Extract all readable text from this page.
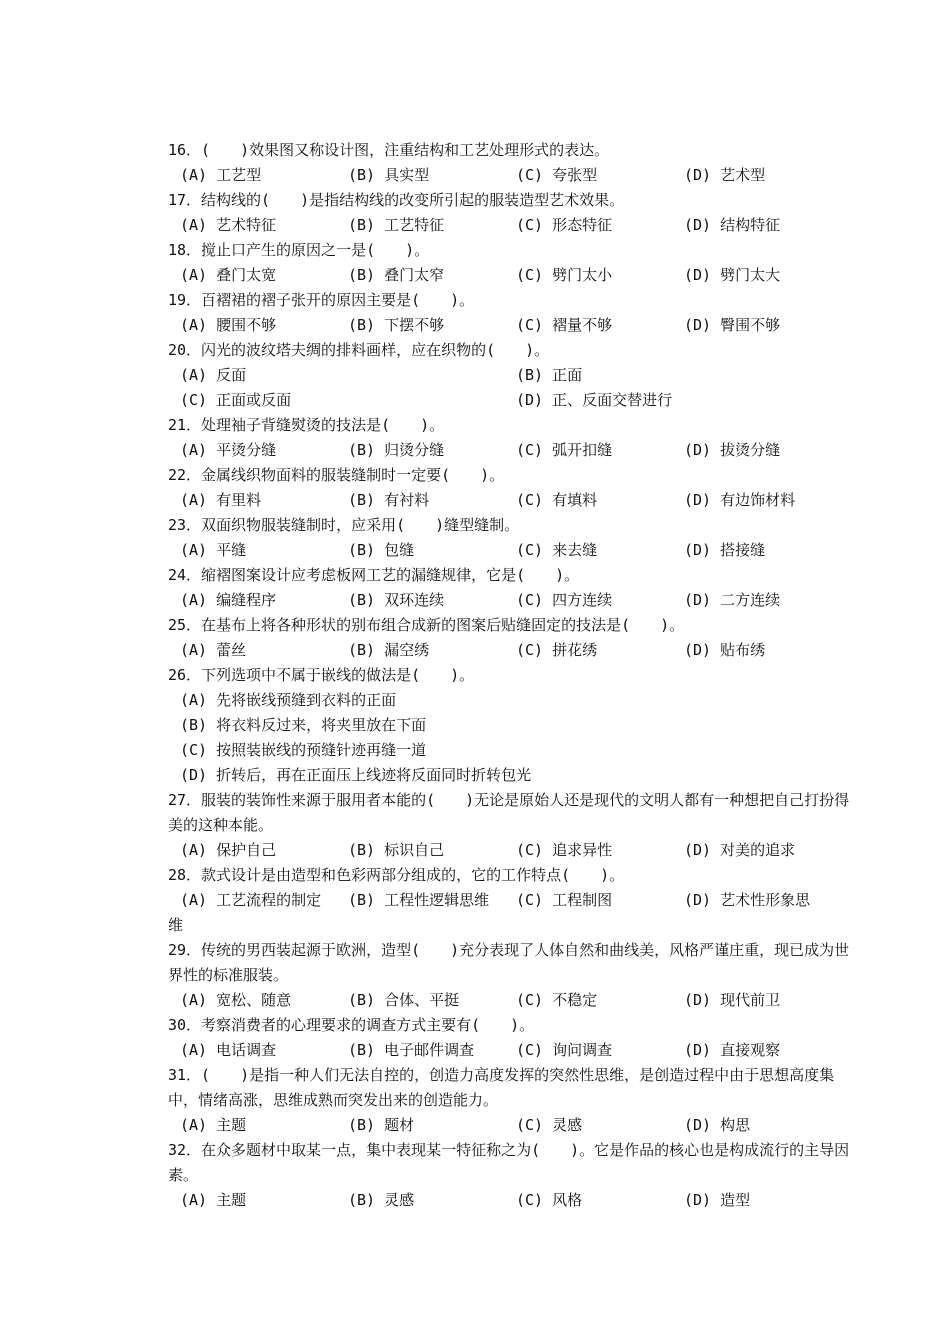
16．(　　)效果图又称设计图，注重结构和工艺处理形式的表达。
(A) 工艺型	(B) 具实型	(C) 夸张型	(D) 艺术型
17．结构线的(　　)是指结构线的改变所引起的服装造型艺术效果。
(A) 艺术特征	(B) 工艺特征	(C) 形态特征	(D) 结构特征
18．搅止口产生的原因之一是(　　)。
(A) 叠门太宽	(B) 叠门太窄	(C) 劈门太小	(D) 劈门太大
19．百褶裙的褶子张开的原因主要是(　　)。
(A) 腰围不够	(B) 下摆不够	(C) 褶量不够	(D) 臀围不够
20．闪光的波纹塔夫绸的排料画样，应在织物的(　　)。
(A) 反面	(B) 正面
(C) 正面或反面	(D) 正、反面交替进行
21．处理袖子背缝熨烫的技法是(　　)。
(A) 平烫分缝	(B) 归烫分缝	(C) 弧开扣缝	(D) 拔烫分缝
22．金属线织物面料的服装缝制时一定要(　　)。
(A) 有里料	(B) 有衬料	(C) 有填料	(D) 有边饰材料
23．双面织物服装缝制时，应采用(　　)缝型缝制。
(A) 平缝	(B) 包缝	(C) 来去缝	(D) 搭接缝
24．缩褶图案设计应考虑板网工艺的漏缝规律，它是(　　)。
(A) 编缝程序	(B) 双环连续	(C) 四方连续	(D) 二方连续
25．在基布上将各种形状的别布组合成新的图案后贴缝固定的技法是(　　)。
(A) 蕾丝	(B) 漏空绣	(C) 拼花绣	(D) 贴布绣
26．下列选项中不属于嵌线的做法是(　　)。
(A) 先将嵌线预缝到衣料的正面
(B) 将衣料反过来，将夹里放在下面
(C) 按照装嵌线的预缝针迹再缝一道
(D) 折转后，再在正面压上线迹将反面同时折转包光
27．服装的装饰性来源于服用者本能的(　　)无论是原始人还是现代的文明人都有一种想把自己打扮得美的这种本能。
(A) 保护自己	(B) 标识自己	(C) 追求异性	(D) 对美的追求
28．款式设计是由造型和色彩两部分组成的，它的工作特点(　　)。
(A) 工艺流程的制定 (B) 工程性逻辑思维 (C) 工程制图	(D) 艺术性形象思
维
29．传统的男西装起源于欧洲，造型(　　)充分表现了人体自然和曲线美，风格严谨庄重，现已成为世界性的标准服装。
(A) 宽松、随意	(B) 合体、平挺	(C) 不稳定	(D) 现代前卫
30．考察消费者的心理要求的调查方式主要有(　　)。
(A) 电话调查	(B) 电子邮件调查	(C) 询问调查	(D) 直接观察
31．(　　)是指一种人们无法自控的，创造力高度发挥的突然性思维，是创造过程中由于思想高度集中，情绪高涨，思维成熟而突发出来的创造能力。
(A) 主题	(B) 题材	(C) 灵感	(D) 构思
32．在众多题材中取某一点，集中表现某一特征称之为(　　)。它是作品的核心也是构成流行的主导因素。
(A) 主题	(B) 灵感	(C) 风格	(D) 造型
